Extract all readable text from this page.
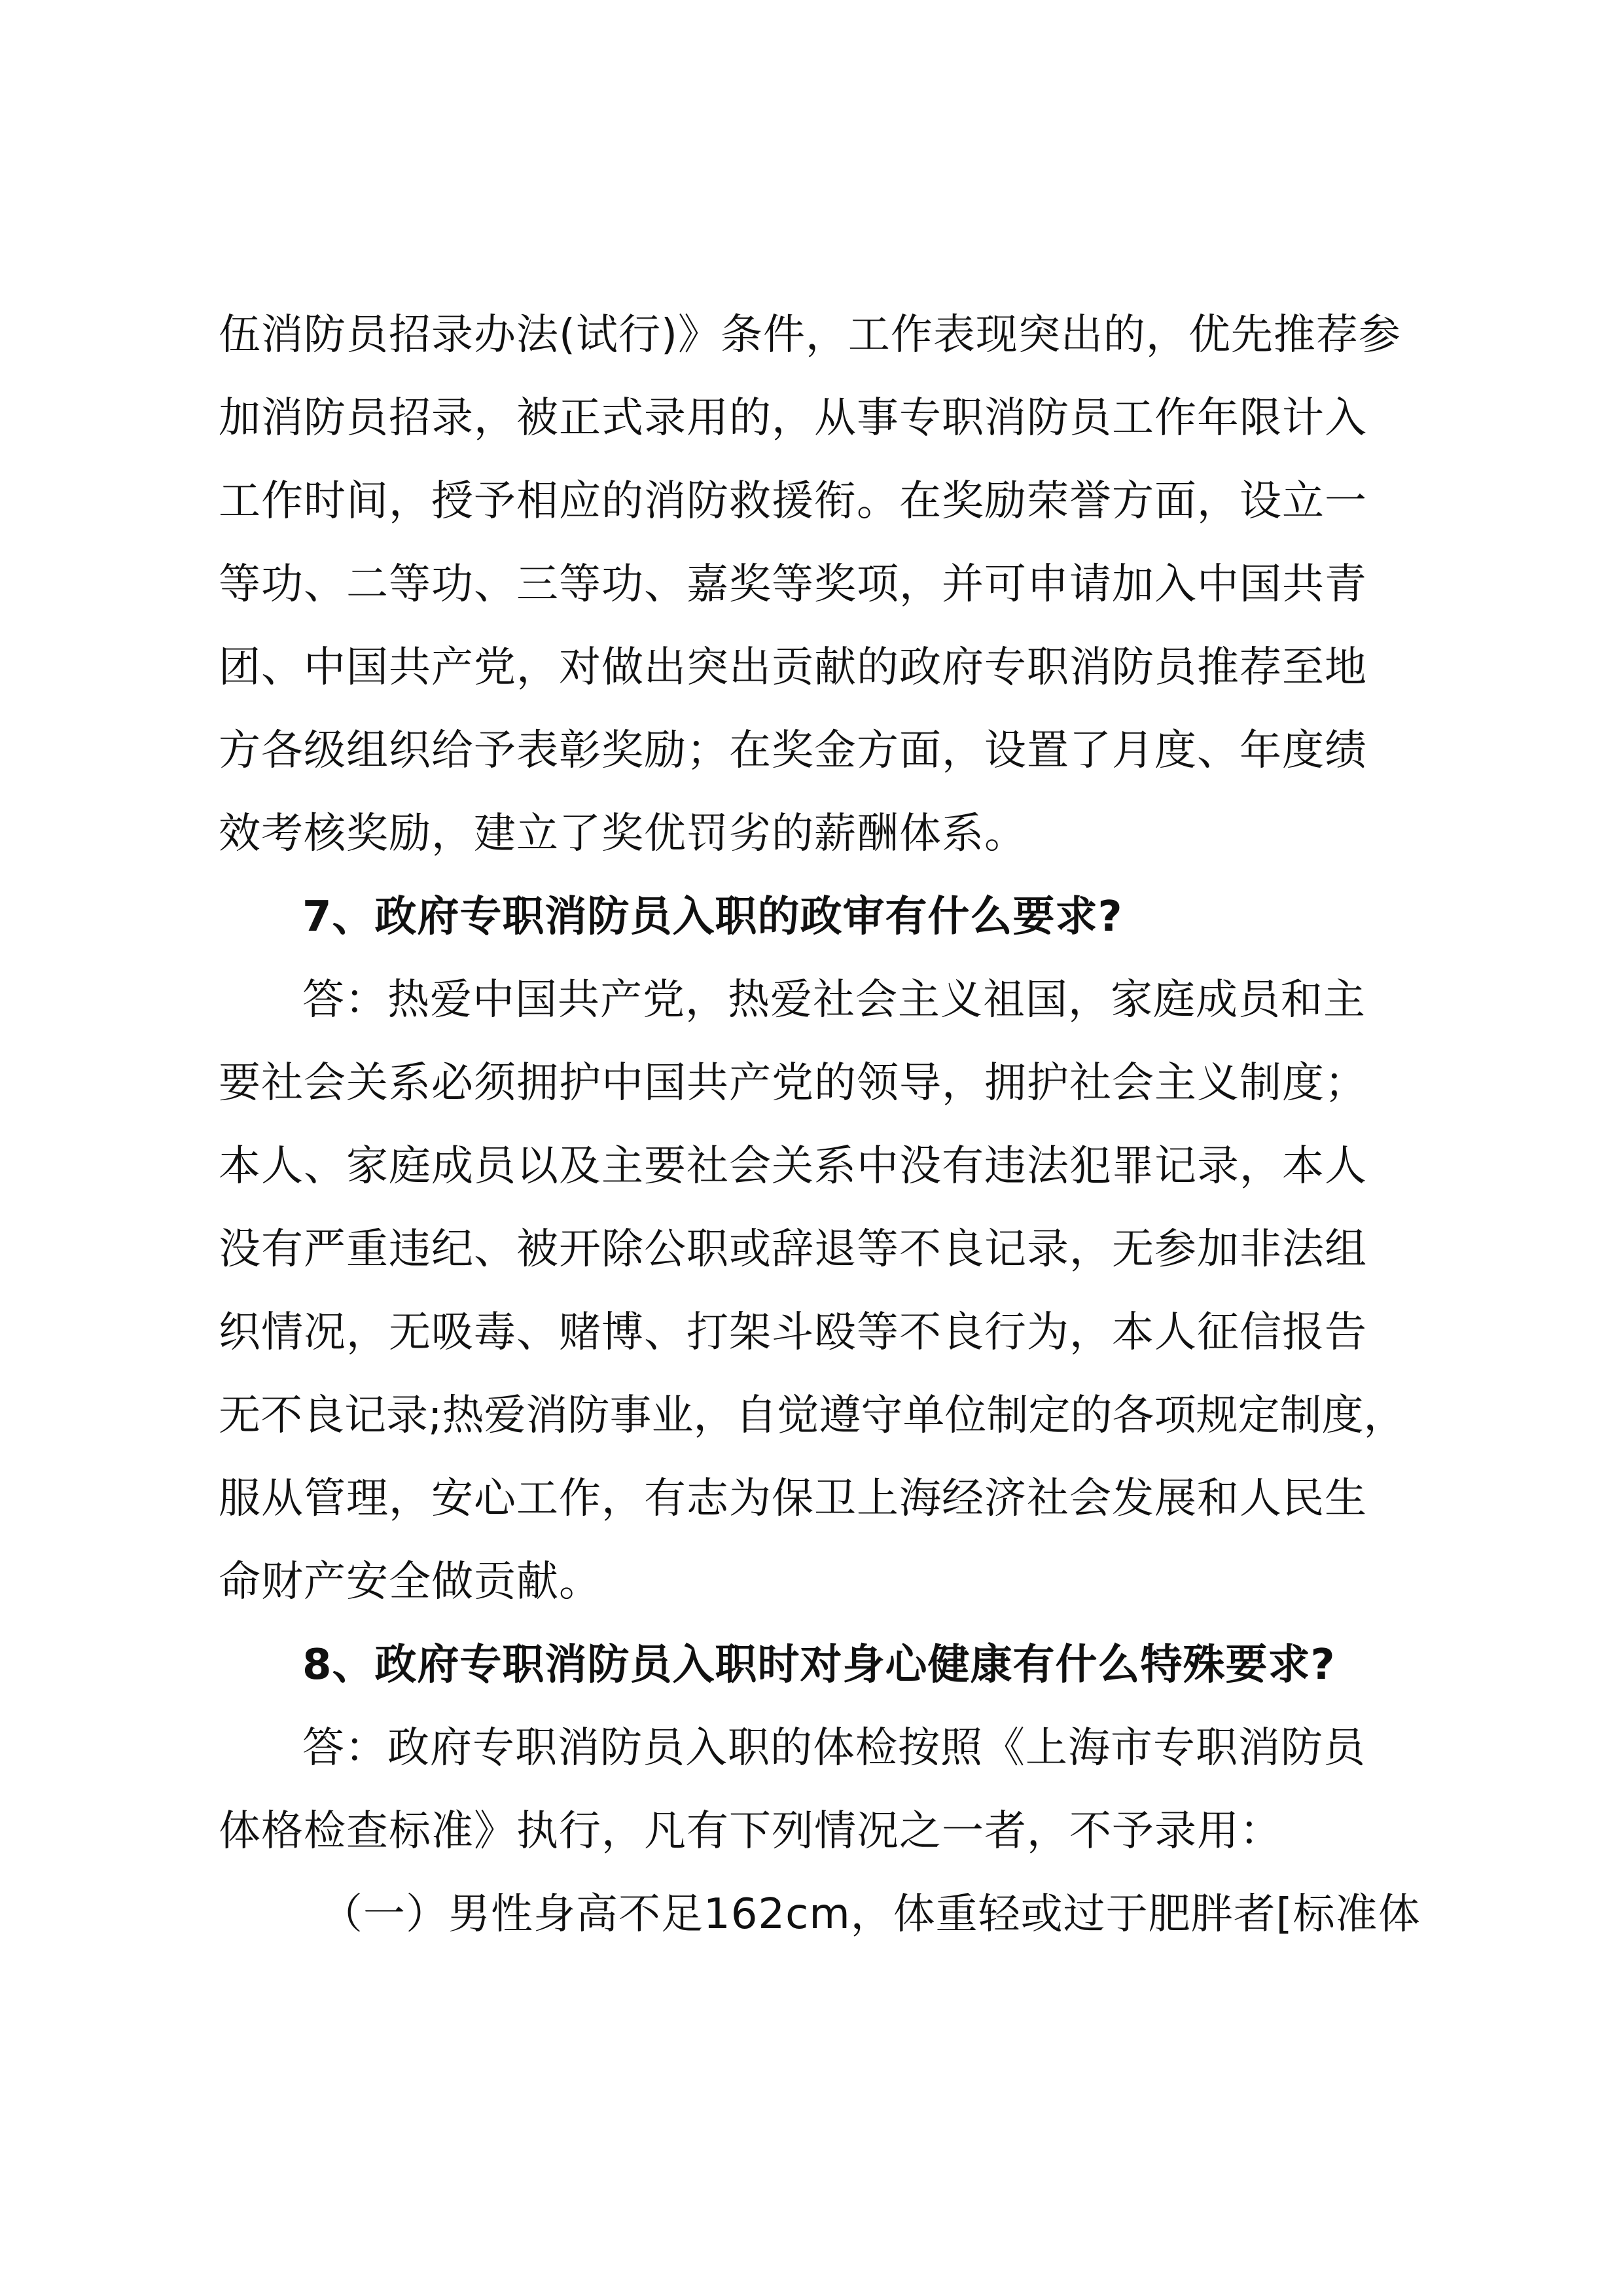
伍消防员招录办法(试行)》条件，工作表现突出的，优先推荐参
加消防员招录，被正式录用的，从事专职消防员工作年限计入
工作时间，授予相应的消防救援衔。在奖励荣誉方面，设立一
等功、二等功、三等功、嘉奖等奖项，并可申请加入中国共青
团、中国共产党，对做出突出贡献的政府专职消防员推荐至地
方各级组织给予表彰奖励；在奖金方面，设置了月度、年度绩
效考核奖励，建立了奖优罚劣的薪酬体系。
7、政府专职消防员入职的政审有什么要求?
答：热爱中国共产党，热爱社会主义祖国，家庭成员和主
要社会关系必须拥护中国共产党的领导，拥护社会主义制度；
本人、家庭成员以及主要社会关系中没有违法犯罪记录，本人
没有严重违纪、被开除公职或辞退等不良记录，无参加非法组
织情况，无吸毒、赌博、打架斗殴等不良行为，本人征信报告
无不良记录;热爱消防事业，自觉遵守单位制定的各项规定制度，
服从管理，安心工作，有志为保卫上海经济社会发展和人民生
命财产安全做贡献。
8、政府专职消防员入职时对身心健康有什么特殊要求?
答：政府专职消防员入职的体检按照《上海市专职消防员
体格检查标准》执行，凡有下列情况之一者，不予录用：
（一）男性身高不足162cm，体重轻或过于肥胖者[标准体
